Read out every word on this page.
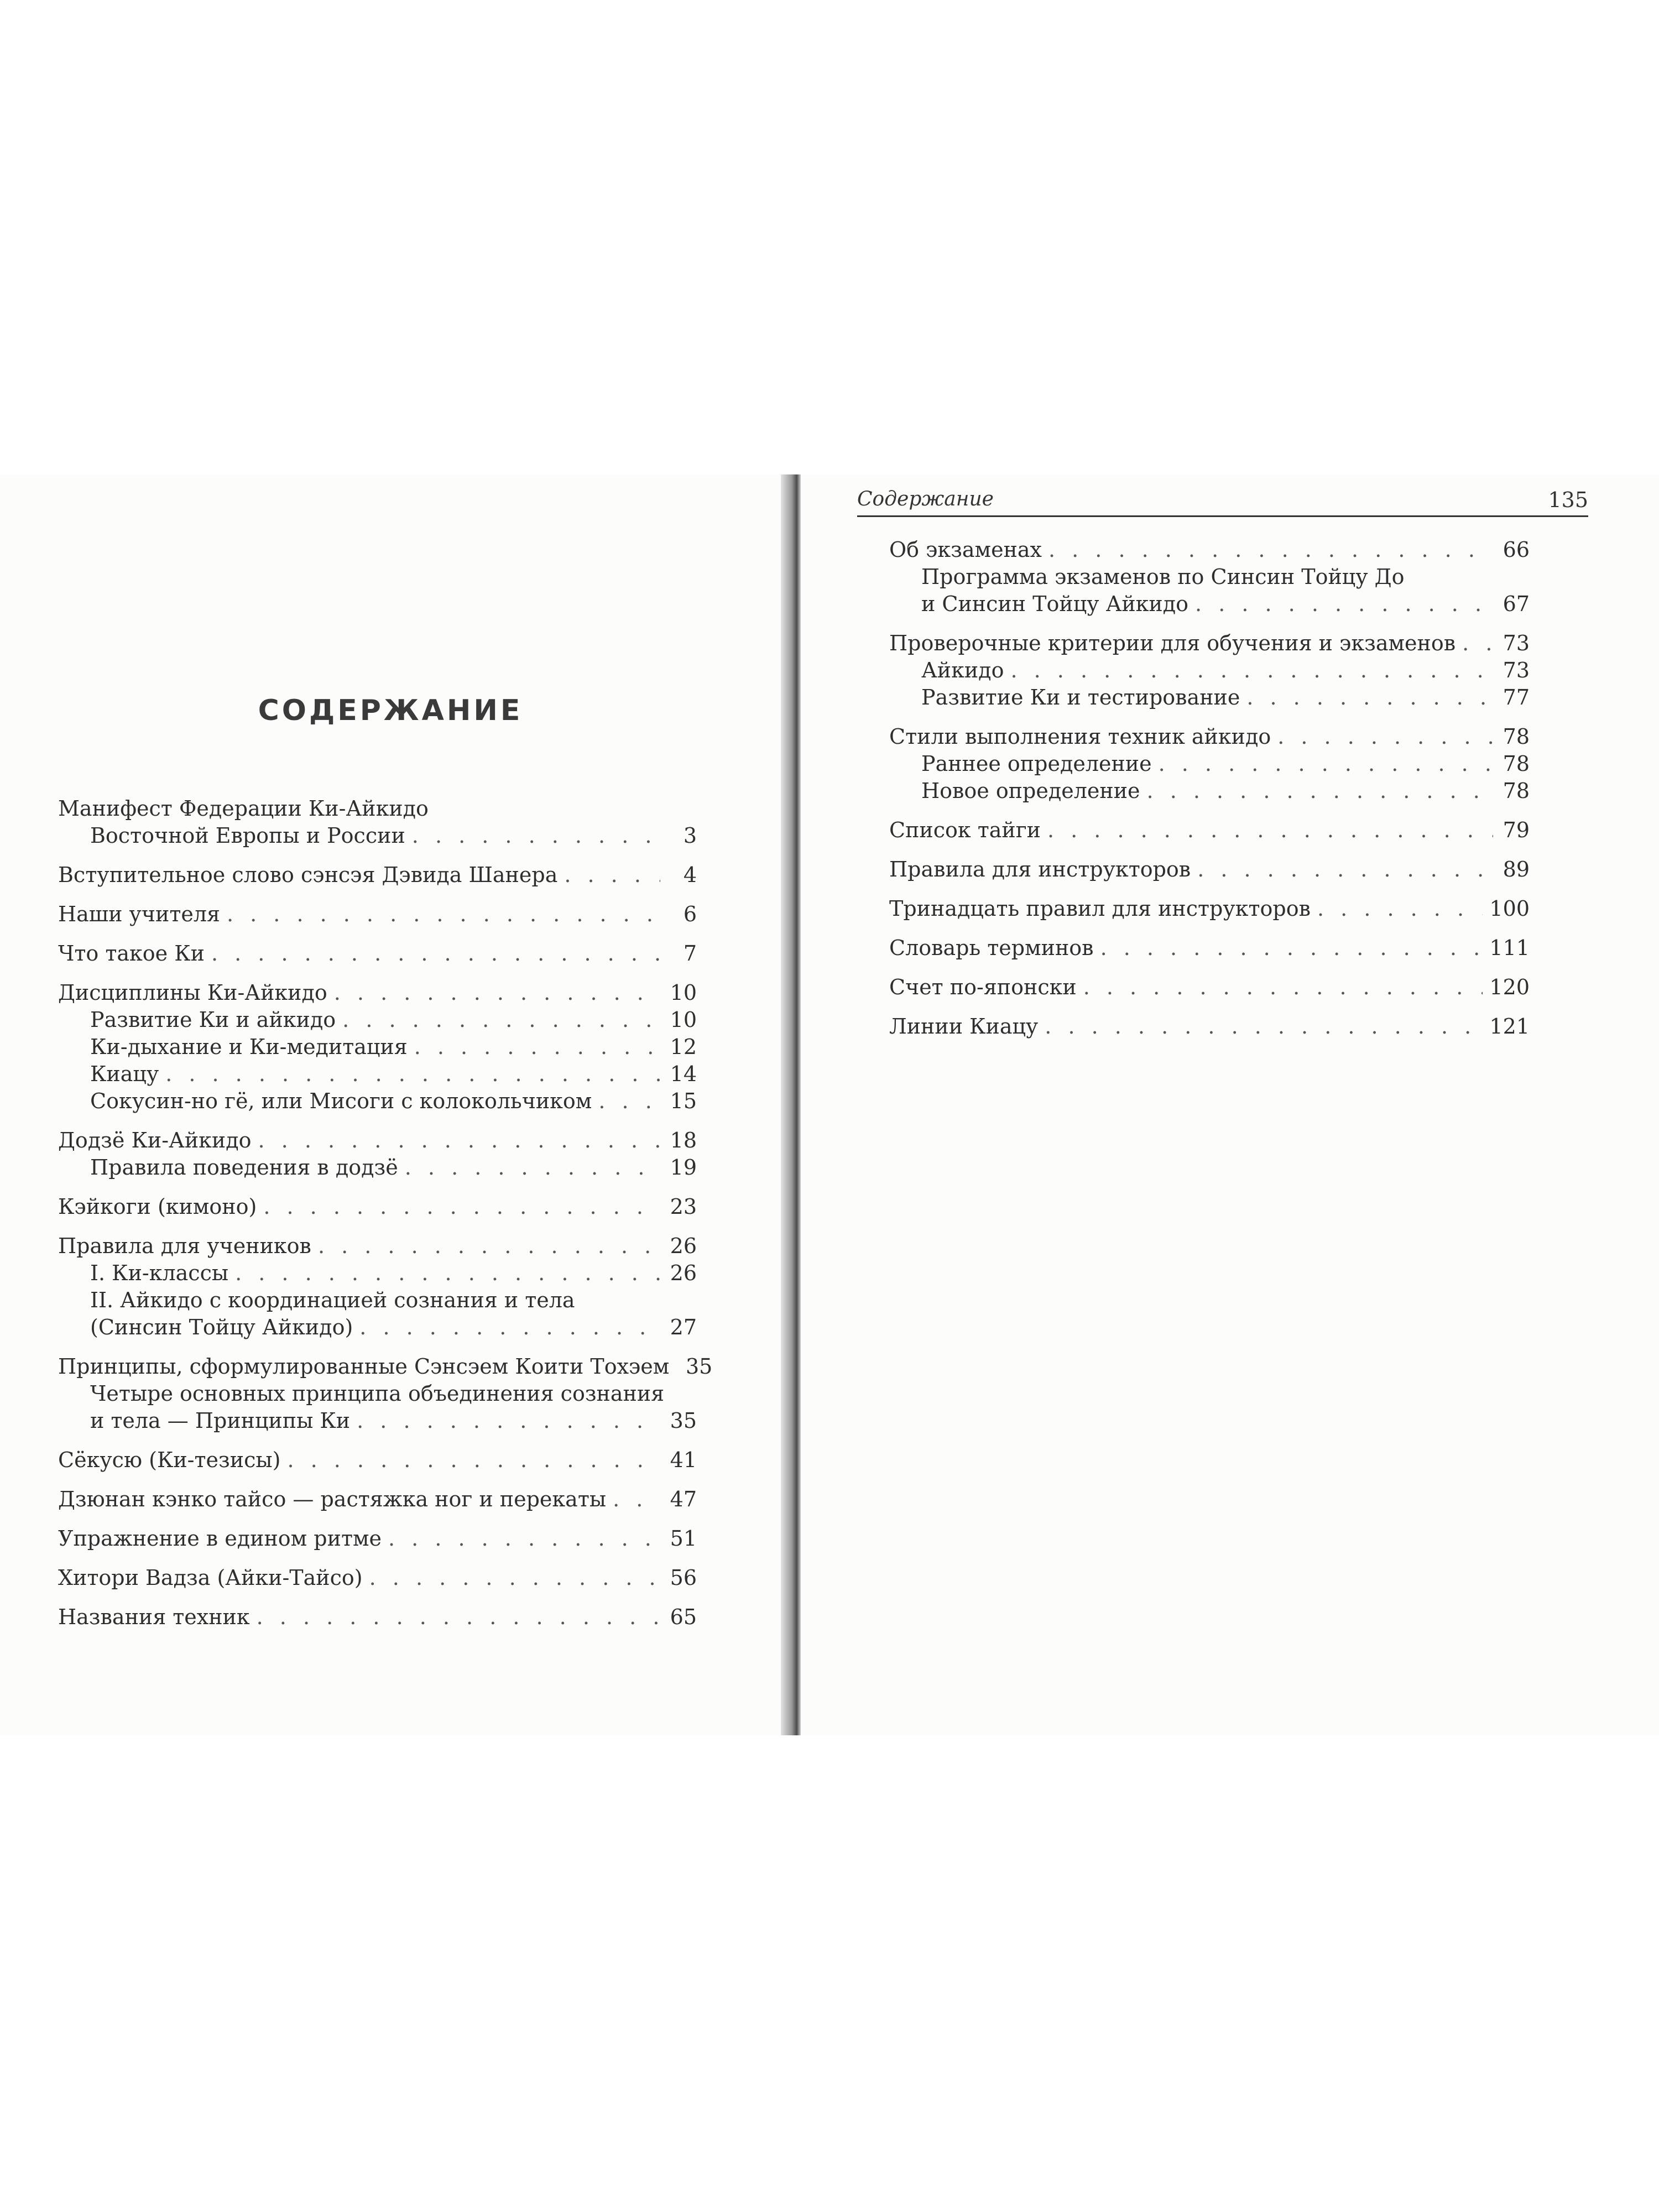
СОДЕРЖАНИЕ
Манифест Федерации Ки-Айкидо
Восточной Европы и России . . .	3
Вступительное слово сэнсэя Дэвида Шанера . . .	4
Наши учителя . . .	6
Что такое Ки . . .	7
Дисциплины Ки-Айкидо . . .	10
Развитие Ки и айкидо . . .	10
Ки-дыхание и Ки-медитация . . .	12
Киацу . . .	14
Сокусин-но гё, или Мисоги с колокольчиком . . .	15
Додзё Ки-Айкидо . . .	18
Правила поведения в додзё . . .	19
Кэйкоги (кимоно) . . .	23
Правила для учеников . . .	26
I. Ки-классы . . .	26
II. Айкидо с координацией сознания и тела
(Синсин Тойцу Айкидо) . . .	27
Принципы, сформулированные Сэнсэем Коити Тохэем 35
Четыре основных принципа объединения сознания
и тела — Принципы Ки . . .	35
Сёкусю (Ки-тезисы) . . .	41
Дзюнан кэнко тайсо — растяжка ног и перекаты . . .	47
Упражнение в едином ритме . . .	51
Хитори Вадза (Айки-Тайсо) . . .	56
Названия техник . . .	65
Содержание	135
Об экзаменах . . .	66
Программа экзаменов по Синсин Тойцу До
и Синсин Тойцу Айкидо . . .	67
Проверочные критерии для обучения и экзаменов . . . 73
Айкидо . . .	73
Развитие Ки и тестирование . . .	77
Стили выполнения техник айкидо . . .	78
Раннее определение . . .	78
Новое определение . . .	78
Список тайги . . .	79
Правила для инструкторов . . .	89
Тринадцать правил для инструкторов . . .	100
Словарь терминов . . .	111
Счет по-японски . . .	120
Линии Киацу . . .	121
